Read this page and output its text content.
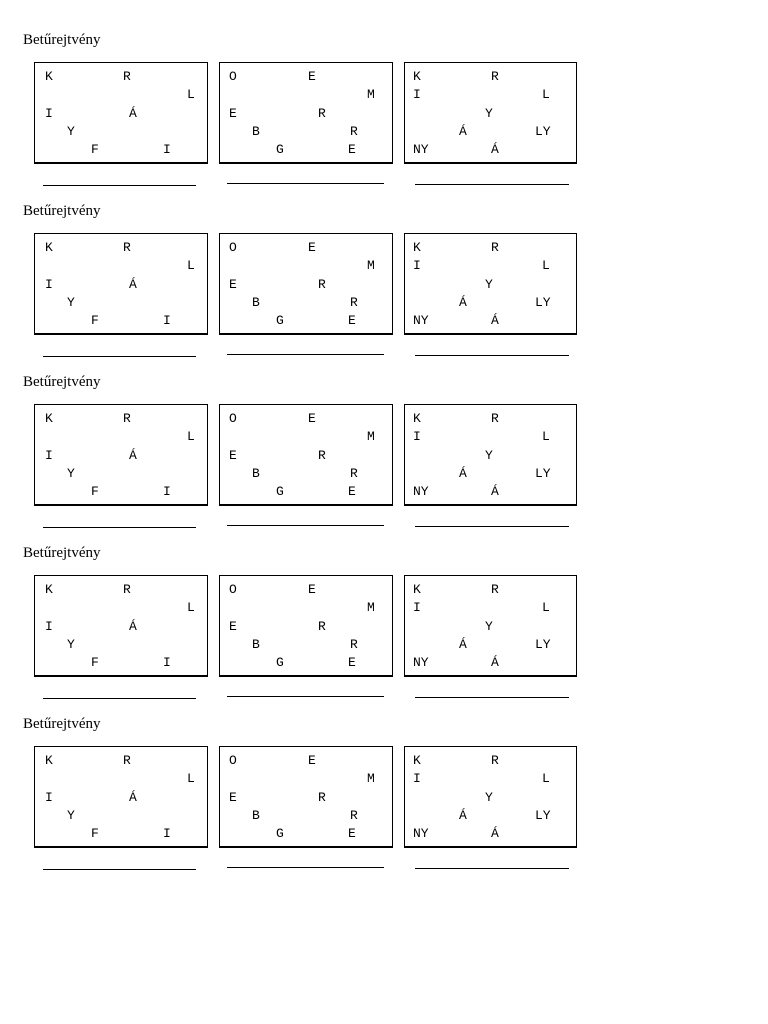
Betűrejtvény
K	R
L
I	Á
Y
F	I
O	E
M
E	R
B	R
G	E
K	R
I	L
Y
Á	LY
NY	Á
Betűrejtvény
K	R
L
I	Á
Y
F	I
O	E
M
E	R
B	R
G	E
K	R
I	L
Y
Á	LY
NY	Á
Betűrejtvény
K	R
L
I	Á
Y
F	I
O	E
M
E	R
B	R
G	E
K	R
I	L
Y
Á	LY
NY	Á
Betűrejtvény
K	R
L
I	Á
Y
F	I
O	E
M
E	R
B	R
G	E
K	R
I	L
Y
Á	LY
NY	Á
Betűrejtvény
K	R
L
I	Á
Y
F	I
O	E
M
E	R
B	R
G	E
K	R
I	L
Y
Á	LY
NY	Á
